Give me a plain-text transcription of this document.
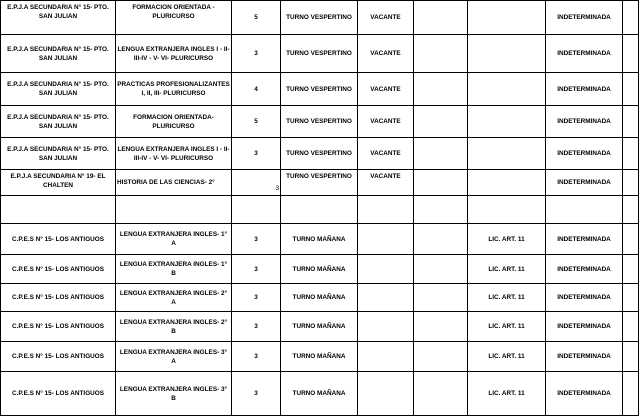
E.P.J.A SECUNDARIA N° 15- PTO. SAN JULIAN	FORMACION ORIENTADA - PLURICURSO	5	TURNO VESPERTINO	VACANTE			INDETERMINADA	
E.P.J.A SECUNDARIA N° 15- PTO. SAN JULIAN	LENGUA EXTRANJERA INGLES I - II-III-IV - V- VI- PLURICURSO	3	TURNO VESPERTINO	VACANTE			INDETERMINADA	
E.P.J.A SECUNDARIA N° 15- PTO. SAN JULIAN	PRACTICAS PROFESIONALIZANTES I, II, III- PLURICURSO	4	TURNO VESPERTINO	VACANTE			INDETERMINADA	
E.P.J.A SECUNDARIA N° 15- PTO. SAN JULIAN	FORMACION ORIENTADA- PLURICURSO	5	TURNO VESPERTINO	VACANTE			INDETERMINADA	
E.P.J.A SECUNDARIA N° 15- PTO. SAN JULIAN	LENGUA EXTRANJERA INGLES I - II-III-IV - V- VI- PLURICURSO	3	TURNO VESPERTINO	VACANTE			INDETERMINADA	
E.P.J.A SECUNDARIA N° 19- EL CHALTEN	HISTORIA DE LAS CIENCIAS- 2°	3	TURNO VESPERTINO	VACANTE			INDETERMINADA	

C.P.E.S N° 15- LOS ANTIGUOS	LENGUA EXTRANJERA INGLES- 1° A	3	TURNO MAÑANA			LIC. ART. 11	INDETERMINADA	
C.P.E.S N° 15- LOS ANTIGUOS	LENGUA EXTRANJERA INGLES- 1° B	3	TURNO MAÑANA			LIC. ART. 11	INDETERMINADA	
C.P.E.S N° 15- LOS ANTIGUOS	LENGUA EXTRANJERA INGLES- 2° A	3	TURNO MAÑANA			LIC. ART. 11	INDETERMINADA	
C.P.E.S N° 15- LOS ANTIGUOS	LENGUA EXTRANJERA INGLES- 2° B	3	TURNO MAÑANA			LIC. ART. 11	INDETERMINADA	
C.P.E.S N° 15- LOS ANTIGUOS	LENGUA EXTRANJERA INGLES- 3° A	3	TURNO MAÑANA			LIC. ART. 11	INDETERMINADA	
C.P.E.S N° 15- LOS ANTIGUOS	LENGUA EXTRANJERA INGLES- 3° B	3	TURNO MAÑANA			LIC. ART. 11	INDETERMINADA	
